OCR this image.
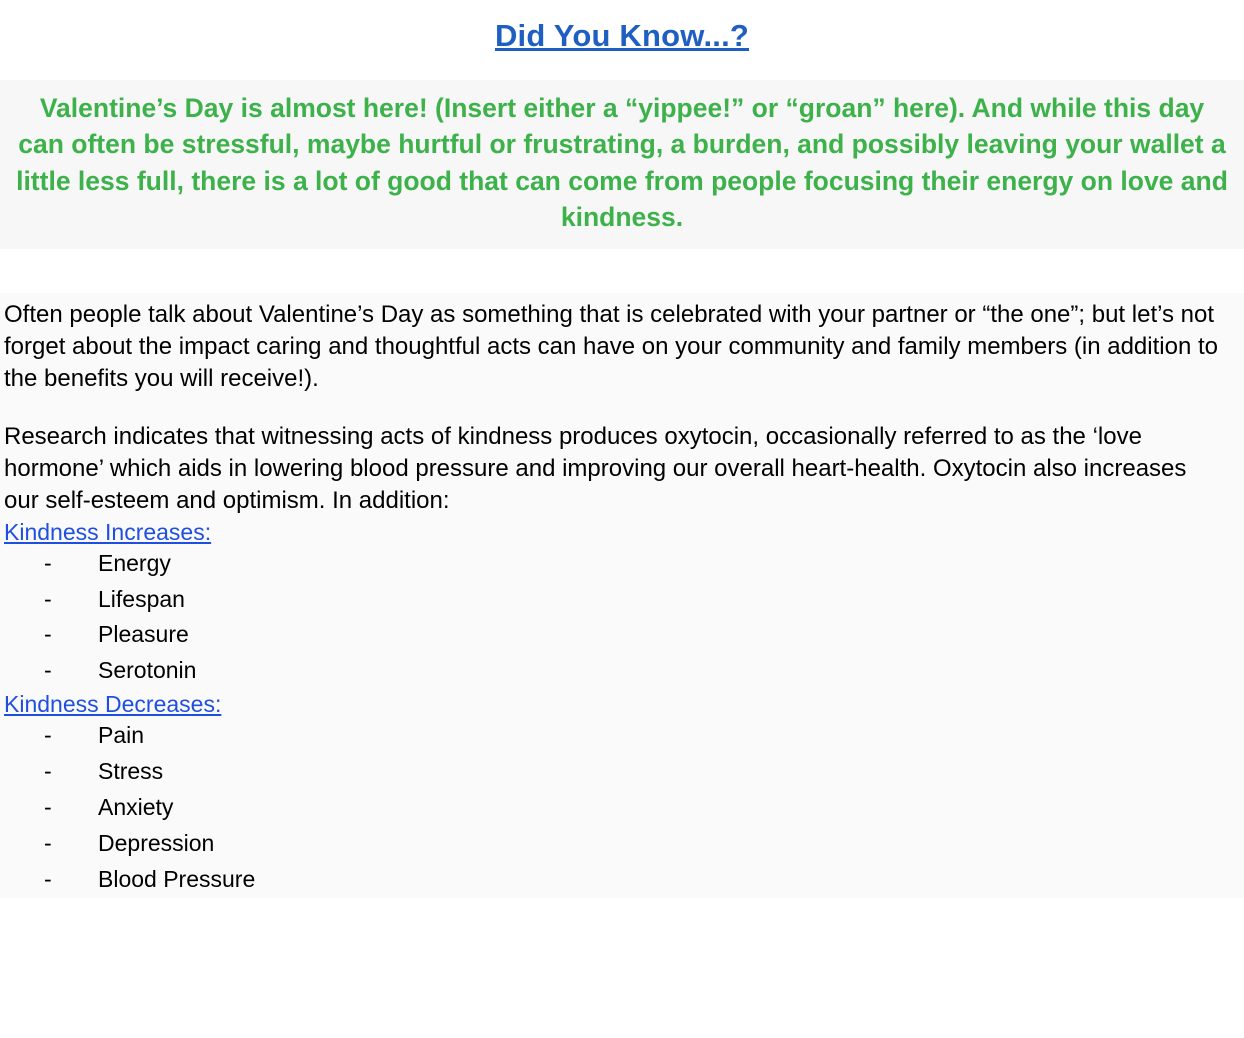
Did You Know...?

Valentine’s Day is almost here! (Insert either a “yippee!” or “groan” here). And while this day can often be stressful, maybe hurtful or frustrating, a burden, and possibly leaving your wallet a little less full, there is a lot of good that can come from people focusing their energy on love and kindness.

Often people talk about Valentine’s Day as something that is celebrated with your partner or “the one”; but let’s not forget about the impact caring and thoughtful acts can have on your community and family members (in addition to the benefits you will receive!).

Research indicates that witnessing acts of kindness produces oxytocin, occasionally referred to as the ‘love hormone’ which aids in lowering blood pressure and improving our overall heart-health. Oxytocin also increases our self-esteem and optimism. In addition:

Kindness Increases:
- Energy
- Lifespan
- Pleasure
- Serotonin
Kindness Decreases:
- Pain
- Stress
- Anxiety
- Depression
- Blood Pressure
